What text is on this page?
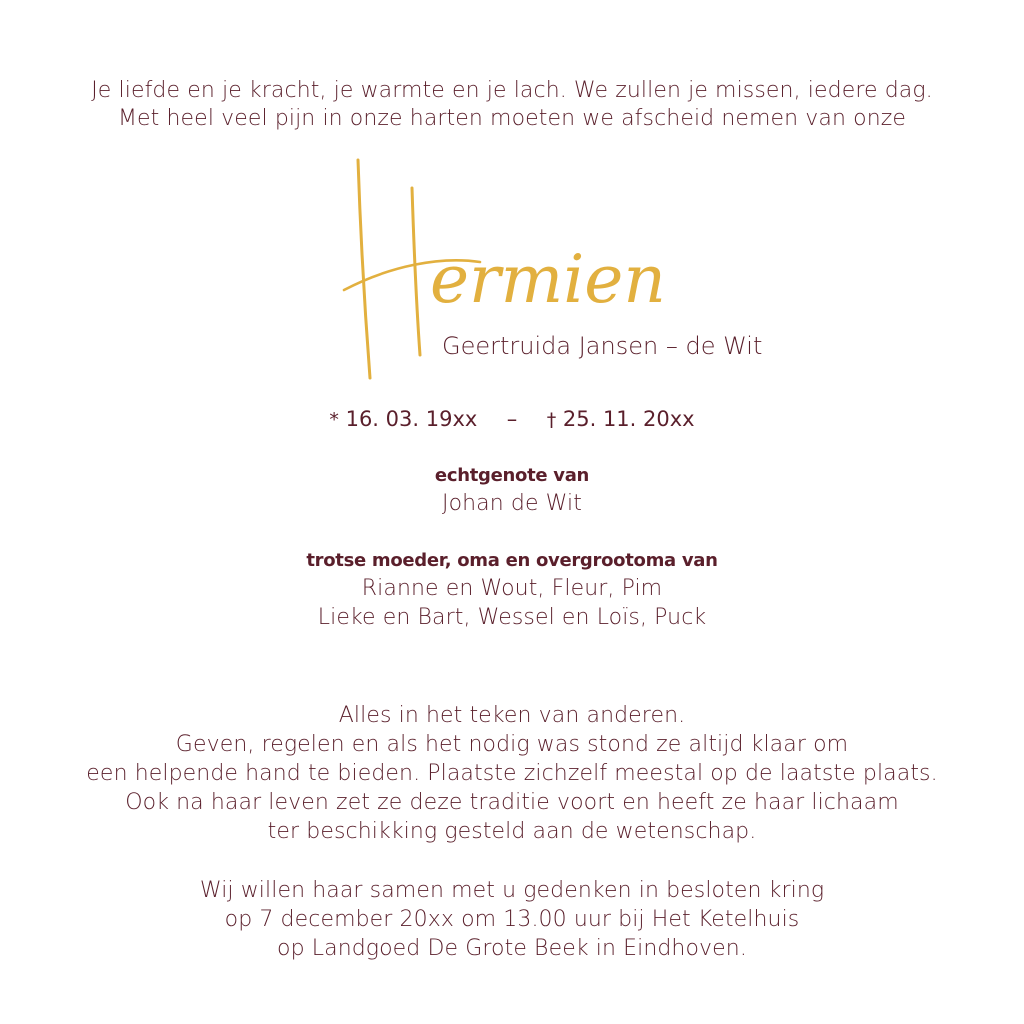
Je liefde en je kracht, je warmte en je lach. We zullen je missen, iedere dag.
Met heel veel pijn in onze harten moeten we afscheid nemen van onze
ermien
Geertruida Jansen – de Wit
* 16. 03. 19xx – † 25. 11. 20xx
echtgenote van
Johan de Wit
trotse moeder, oma en overgrootoma van
Rianne en Wout, Fleur, Pim
Lieke en Bart, Wessel en Loïs, Puck
Alles in het teken van anderen.
Geven, regelen en als het nodig was stond ze altijd klaar om
een helpende hand te bieden. Plaatste zichzelf meestal op de laatste plaats.
Ook na haar leven zet ze deze traditie voort en heeft ze haar lichaam
ter beschikking gesteld aan de wetenschap.
Wij willen haar samen met u gedenken in besloten kring
op 7 december 20xx om 13.00 uur bij Het Ketelhuis
op Landgoed De Grote Beek in Eindhoven.
